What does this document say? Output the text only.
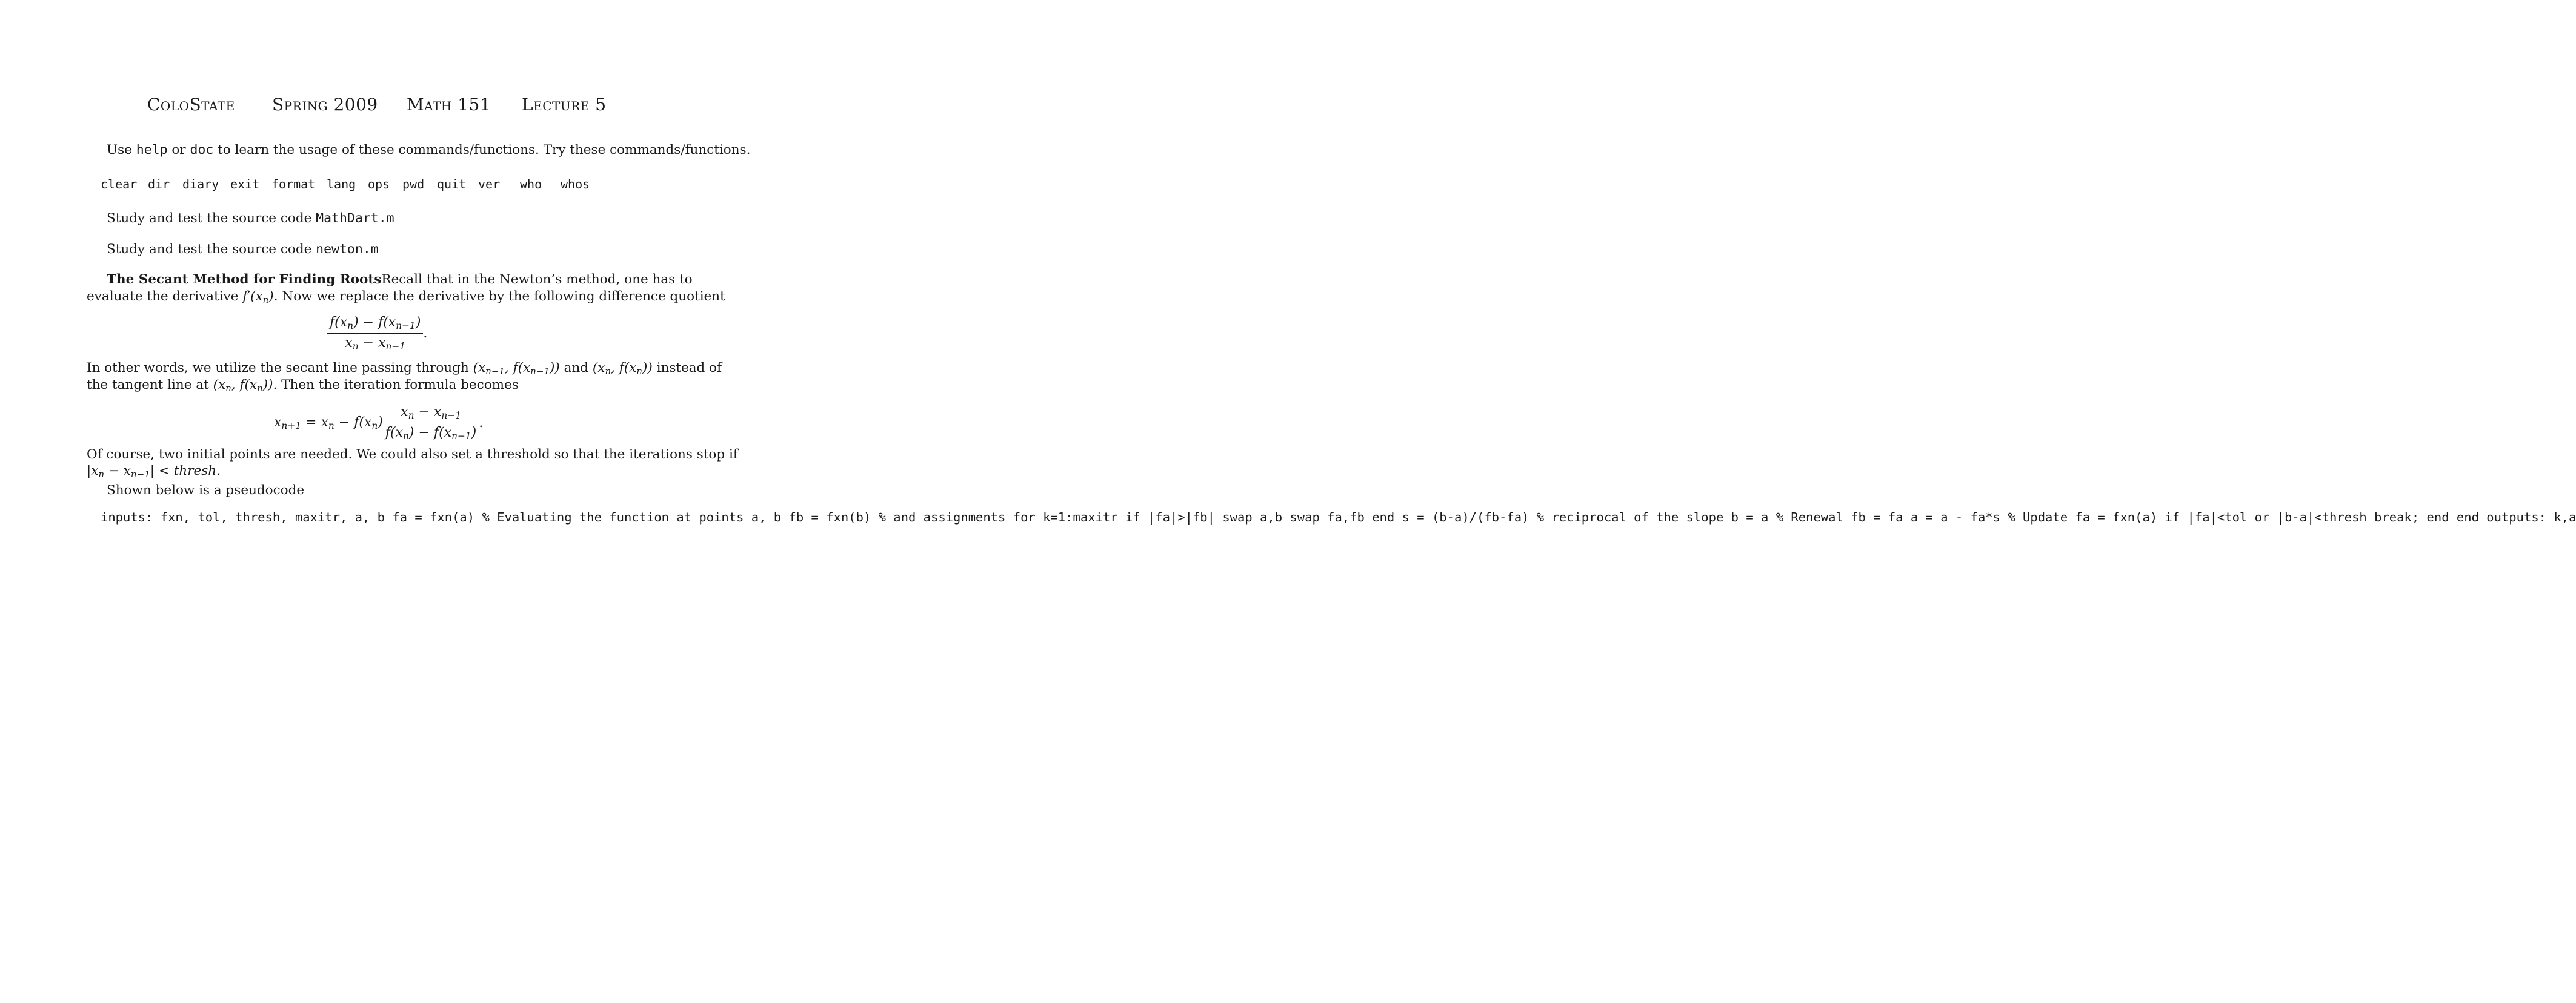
ColoState Spring 2009 Math 151 Lecture 5
Use help or doc to learn the usage of these commands/functions. Try these commands/functions.
clear dir diary exit format lang ops pwd quit ver who whos
Study and test the source code MathDart.m
Study and test the source code newton.m
The Secant Method for Finding Roots Recall that in the Newton’s method, one has to
evaluate the derivative $f'(x_n)$. Now we replace the derivative by the following difference quotient
$\frac{f(x_n) - f(x_{n-1})}{x_n - x_{n-1}}$ .
In other words, we utilize the secant line passing through ($x_{n-1}$, $f(x_{n-1})$) and ($x_n$, $f(x_n)$) instead of
the tangent line at ($x_n$, $f(x_n)$). Then the iteration formula becomes
$x_{n+1} = x_n - f(x_n) \frac{x_n - x_{n-1}}{f(x_n) - f(x_{n-1})}$ .
Of course, two initial points are needed. We could also set a threshold so that the iterations stop if
$|x_n - x_{n-1}|$ < thresh.
Shown below is a pseudocode
inputs: fxn, tol, thresh, maxitr, a, b fa = fxn(a) % Evaluating the function at points a, b fb = fxn(b) % and assignments for k=1:maxitr if |fa|>|fb| swap a,b swap fa,fb end s = (b-a)/(fb-fa) % reciprocal of the slope b = a % Renewal fb = fa a = a - fa*s % Update fa = fxn(a) if |fa|<tol or |b-a|<thresh break; end end outputs: k,a
